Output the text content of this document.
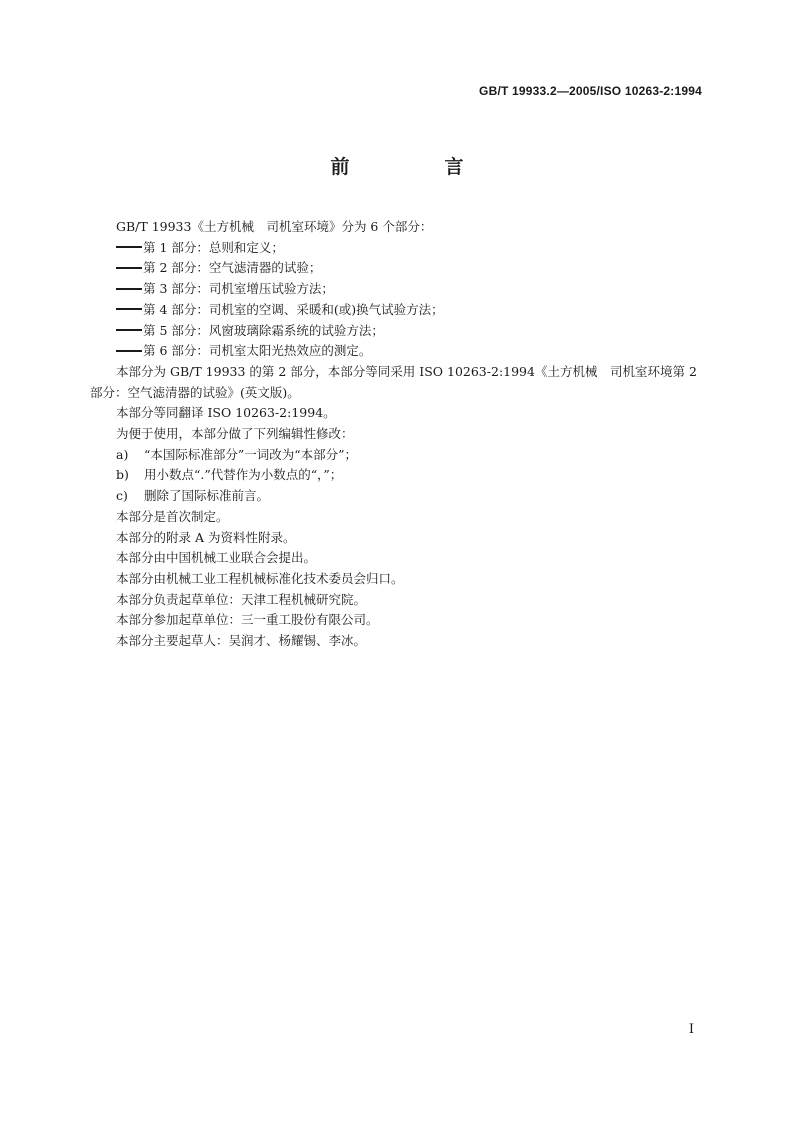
GB/T 19933.2—2005/ISO 10263-2:1994
前　言

GB/T 19933《土方机械　司机室环境》分为 6 个部分：

第 1 部分：总则和定义；

第 2 部分：空气滤清器的试验；

第 3 部分：司机室增压试验方法；

第 4 部分：司机室的空调、采暖和(或)换气试验方法；

第 5 部分：风窗玻璃除霜系统的试验方法；

第 6 部分：司机室太阳光热效应的测定。

本部分为 GB/T 19933 的第 2 部分，本部分等同采用 ISO 10263-2:1994《土方机械　司机室环境第 2 部分：空气滤清器的试验》(英文版)。

本部分等同翻译 ISO 10263-2:1994。

为便于使用，本部分做了下列编辑性修改：

a) “本国际标准部分”一词改为“本部分”；

b) 用小数点“.”代替作为小数点的“，”；

c) 删除了国际标准前言。

本部分是首次制定。

本部分的附录 A 为资料性附录。

本部分由中国机械工业联合会提出。

本部分由机械工业工程机械标准化技术委员会归口。

本部分负责起草单位：天津工程机械研究院。

本部分参加起草单位：三一重工股份有限公司。

本部分主要起草人：吴润才、杨耀锡、李冰。

I
